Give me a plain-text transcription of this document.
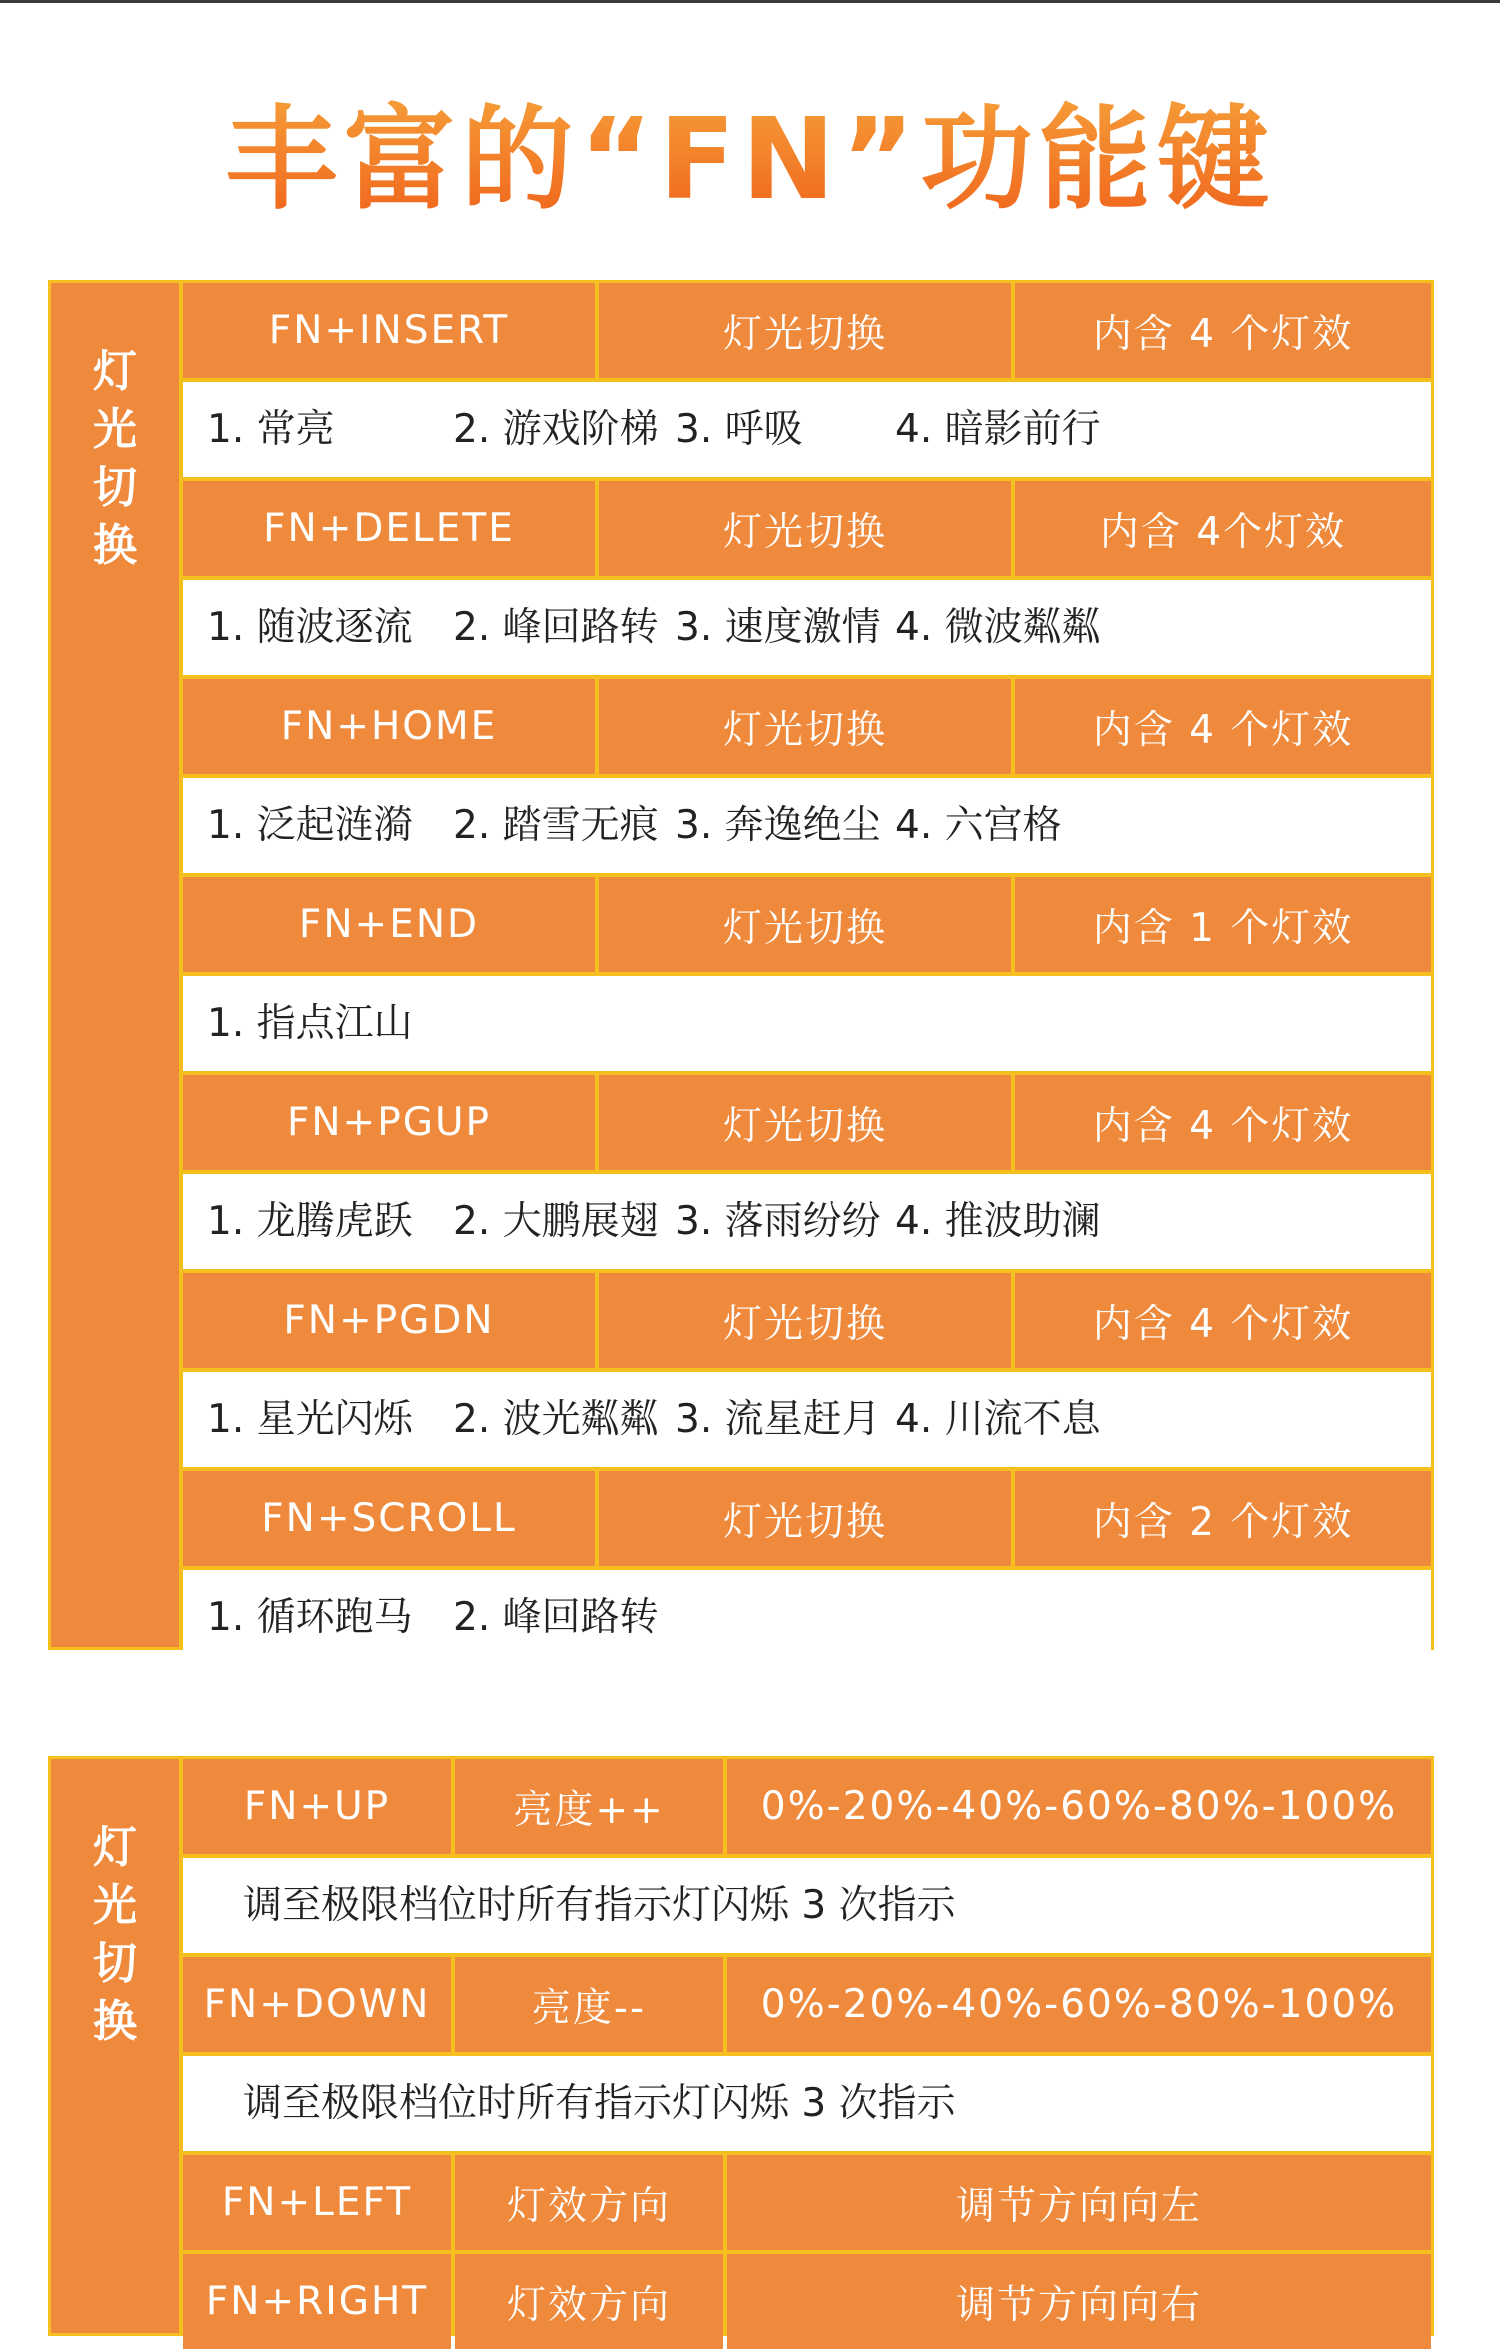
丰富的“FN”功能键
灯
光
切
换
FN+INSERT	灯光切换	内含 4 个灯效
1. 常亮	2. 游戏阶梯 3. 呼吸 4. 暗影前行
FN+DELETE	灯光切换	内含 4个灯效
1. 随波逐流 2. 峰回路转 3. 速度激情 4. 微波粼粼
FN+HOME	灯光切换	内含 4 个灯效
1. 泛起涟漪 2. 踏雪无痕 3. 奔逸绝尘 4. 六宫格
FN+END	灯光切换	内含 1 个灯效
1. 指点江山
FN+PGUP	灯光切换	内含 4 个灯效
1. 龙腾虎跃 2. 大鹏展翅 3. 落雨纷纷 4. 推波助澜
FN+PGDN	灯光切换	内含 4 个灯效
1. 星光闪烁 2. 波光粼粼 3. 流星赶月 4. 川流不息
FN+SCROLL	灯光切换	内含 2 个灯效
1. 循环跑马 2. 峰回路转
灯
光
切
换
FN+UP	亮度++	0%-20%-40%-60%-80%-100%
调至极限档位时所有指示灯闪烁 3 次指示
FN+DOWN	亮度--	0%-20%-40%-60%-80%-100%
调至极限档位时所有指示灯闪烁 3 次指示
FN+LEFT	灯效方向	调节方向向左
FN+RIGHT	灯效方向	调节方向向右
